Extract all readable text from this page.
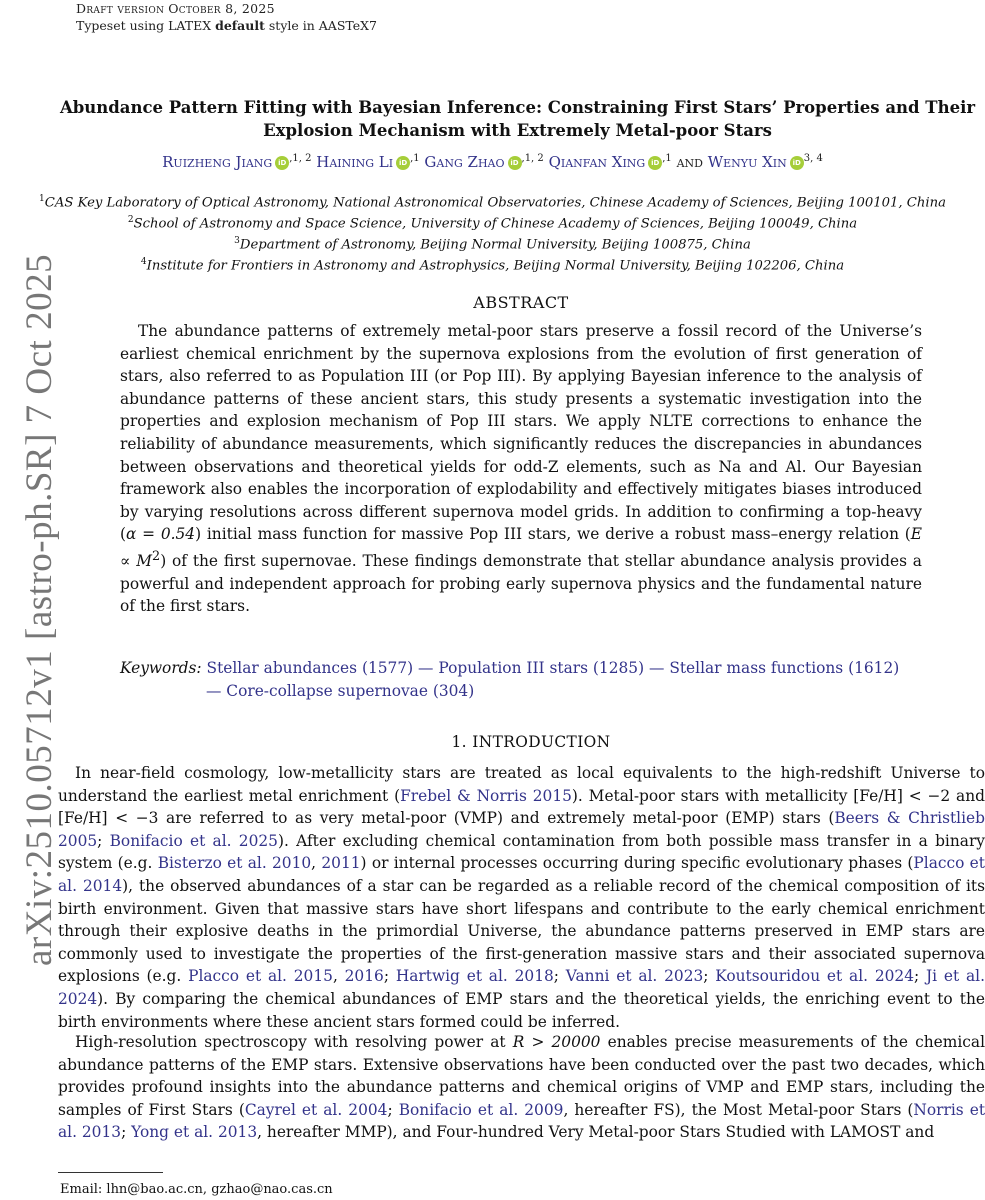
Draft version October 8, 2025
Typeset using LATEX default style in AASTeX7
Abundance Pattern Fitting with Bayesian Inference: Constraining First Stars’ Properties and Their Explosion Mechanism with Extremely Metal-poor Stars
Ruizheng Jiang iD $^{,1, 2}$ Haining Li iD $^{,1}$ Gang Zhao iD $^{,1, 2}$ Qianfan Xing iD $^{,1}$ and Wenyu Xin iD $^{3, 4}$
$^1$CAS Key Laboratory of Optical Astronomy, National Astronomical Observatories, Chinese Academy of Sciences, Beijing 100101, China
$^2$School of Astronomy and Space Science, University of Chinese Academy of Sciences, Beijing 100049, China
$^3$Department of Astronomy, Beijing Normal University, Beijing 100875, China
$^4$Institute for Frontiers in Astronomy and Astrophysics, Beijing Normal University, Beijing 102206, China
ABSTRACT

The abundance patterns of extremely metal-poor stars preserve a fossil record of the Universe’s earliest chemical enrichment by the supernova explosions from the evolution of first generation of stars, also referred to as Population III (or Pop III). By applying Bayesian inference to the analysis of abundance patterns of these ancient stars, this study presents a systematic investigation into the properties and explosion mechanism of Pop III stars. We apply NLTE corrections to enhance the reliability of abundance measurements, which significantly reduces the discrepancies in abundances between observations and theoretical yields for odd-Z elements, such as Na and Al. Our Bayesian framework also enables the incorporation of explodability and effectively mitigates biases introduced by varying resolutions across different supernova model grids. In addition to confirming a top-heavy (α = 0.54) initial mass function for massive Pop III stars, we derive a robust mass–energy relation $(E \propto M^2)$ of the first supernovae. These findings demonstrate that stellar abundance analysis provides a powerful and independent approach for probing early supernova physics and the fundamental nature of the first stars.

Keywords: Stellar abundances (1577) — Population III stars (1285) — Stellar mass functions (1612)
— Core-collapse supernovae (304)
1. INTRODUCTION

In near-field cosmology, low-metallicity stars are treated as local equivalents to the high-redshift Universe to understand the earliest metal enrichment (Frebel & Norris 2015). Metal-poor stars with metallicity [Fe/H] < −2 and [Fe/H] < −3 are referred to as very metal-poor (VMP) and extremely metal-poor (EMP) stars (Beers & Christlieb 2005; Bonifacio et al. 2025). After excluding chemical contamination from both possible mass transfer in a binary system (e.g. Bisterzo et al. 2010, 2011) or internal processes occurring during specific evolutionary phases (Placco et al. 2014), the observed abundances of a star can be regarded as a reliable record of the chemical composition of its birth environment. Given that massive stars have short lifespans and contribute to the early chemical enrichment through their explosive deaths in the primordial Universe, the abundance patterns preserved in EMP stars are commonly used to investigate the properties of the first-generation massive stars and their associated supernova explosions (e.g. Placco et al. 2015, 2016; Hartwig et al. 2018; Vanni et al. 2023; Koutsouridou et al. 2024; Ji et al. 2024). By comparing the chemical abundances of EMP stars and the theoretical yields, the enriching event to the birth environments where these ancient stars formed could be inferred.

High-resolution spectroscopy with resolving power at R > 20000 enables precise measurements of the chemical abundance patterns of the EMP stars. Extensive observations have been conducted over the past two decades, which provides profound insights into the abundance patterns and chemical origins of VMP and EMP stars, including the samples of First Stars (Cayrel et al. 2004; Bonifacio et al. 2009, hereafter FS), the Most Metal-poor Stars (Norris et al. 2013; Yong et al. 2013, hereafter MMP), and Four-hundred Very Metal-poor Stars Studied with LAMOST and

Email: lhn@bao.ac.cn, gzhao@nao.cas.cn
arXiv:2510.05712v1 [astro-ph.SR] 7 Oct 2025
